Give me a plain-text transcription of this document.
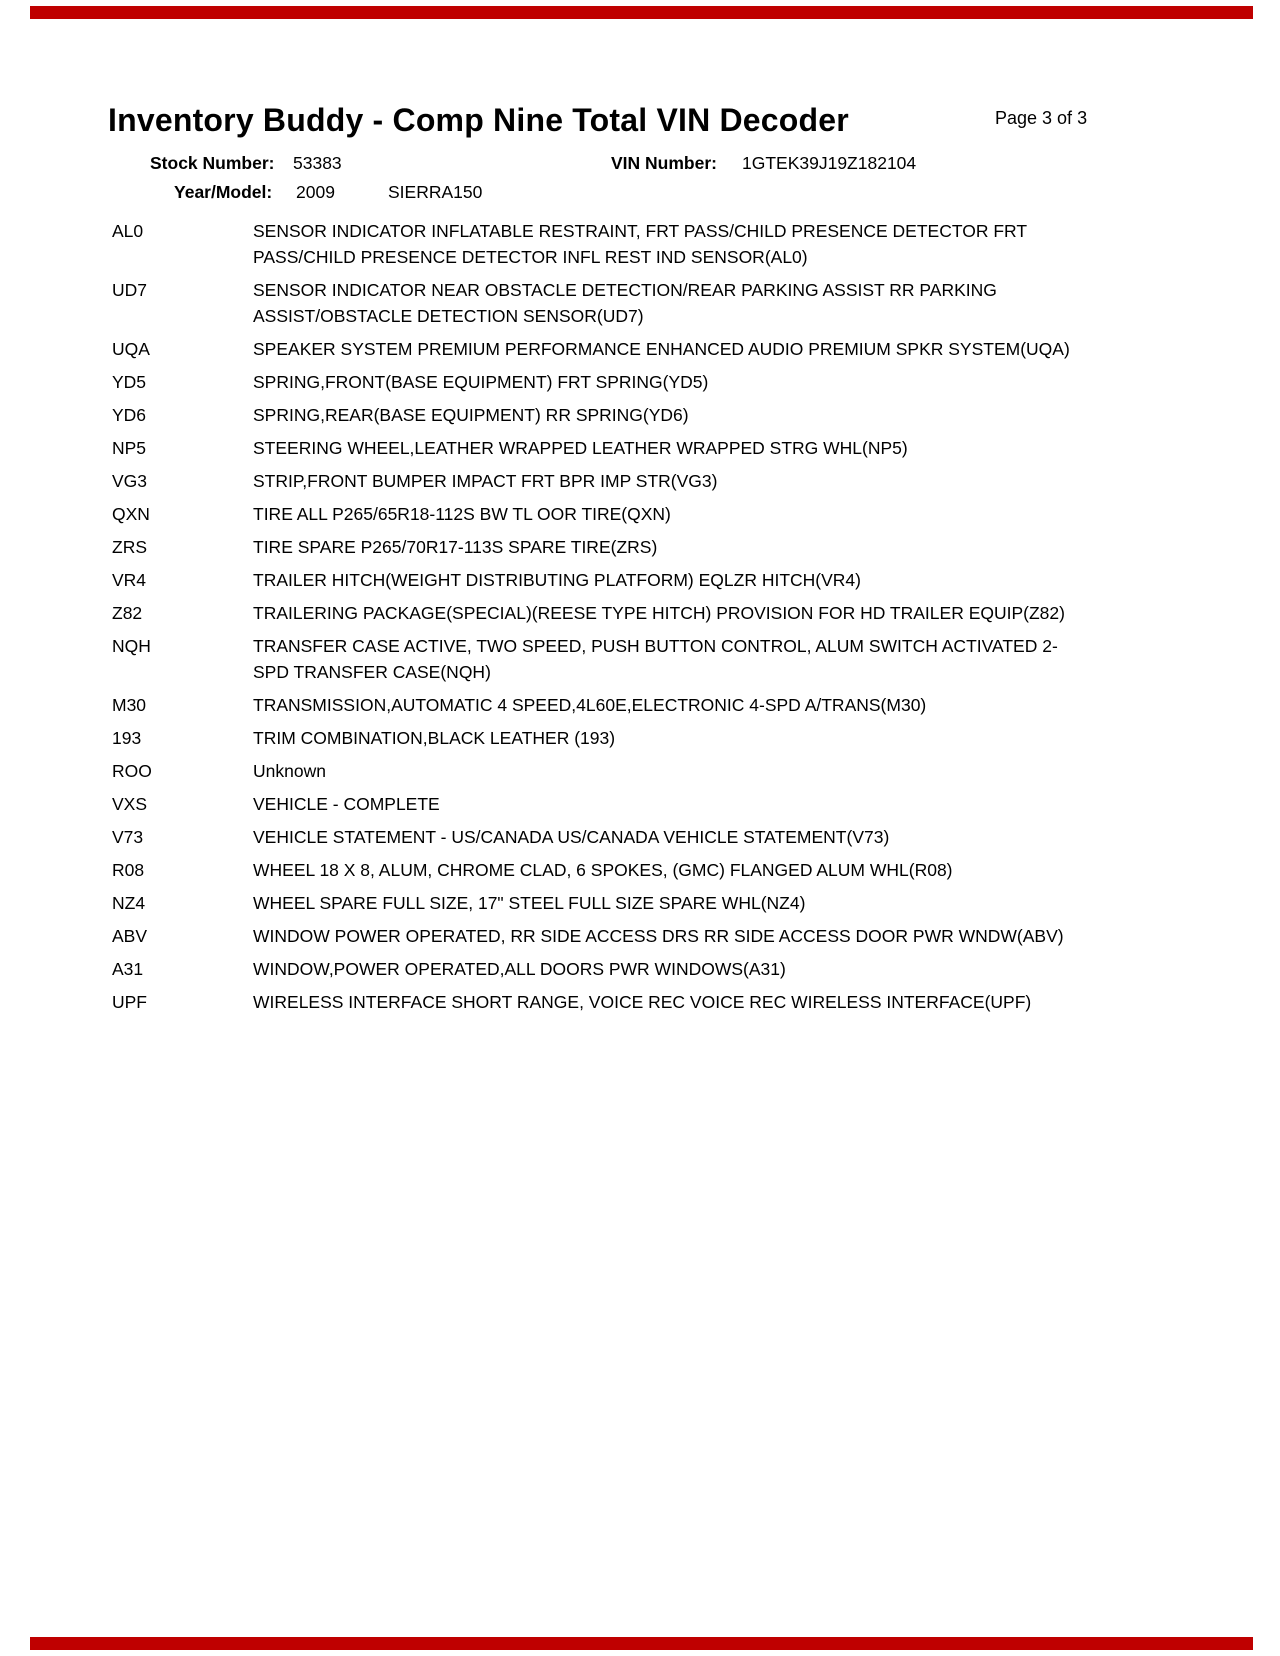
Inventory Buddy - Comp Nine Total VIN Decoder	Page 3 of 3
Stock Number: 53383	VIN Number: 1GTEK39J19Z182104
Year/Model: 2009	SIERRA150
AL0	SENSOR INDICATOR INFLATABLE RESTRAINT, FRT PASS/CHILD PRESENCE DETECTOR FRT PASS/CHILD PRESENCE DETECTOR INFL REST IND SENSOR(AL0)
UD7	SENSOR INDICATOR NEAR OBSTACLE DETECTION/REAR PARKING ASSIST RR PARKING ASSIST/OBSTACLE DETECTION SENSOR(UD7)
UQA	SPEAKER SYSTEM PREMIUM PERFORMANCE ENHANCED AUDIO PREMIUM SPKR SYSTEM(UQA)
YD5	SPRING,FRONT(BASE EQUIPMENT) FRT SPRING(YD5)
YD6	SPRING,REAR(BASE EQUIPMENT) RR SPRING(YD6)
NP5	STEERING WHEEL,LEATHER WRAPPED LEATHER WRAPPED STRG WHL(NP5)
VG3	STRIP,FRONT BUMPER IMPACT FRT BPR IMP STR(VG3)
QXN	TIRE ALL P265/65R18-112S BW TL OOR TIRE(QXN)
ZRS	TIRE SPARE P265/70R17-113S SPARE TIRE(ZRS)
VR4	TRAILER HITCH(WEIGHT DISTRIBUTING PLATFORM) EQLZR HITCH(VR4)
Z82	TRAILERING PACKAGE(SPECIAL)(REESE TYPE HITCH) PROVISION FOR HD TRAILER EQUIP(Z82)
NQH	TRANSFER CASE ACTIVE, TWO SPEED, PUSH BUTTON CONTROL, ALUM SWITCH ACTIVATED 2-SPD TRANSFER CASE(NQH)
M30	TRANSMISSION,AUTOMATIC 4 SPEED,4L60E,ELECTRONIC 4-SPD A/TRANS(M30)
193	TRIM COMBINATION,BLACK LEATHER (193)
ROO	Unknown
VXS	VEHICLE - COMPLETE
V73	VEHICLE STATEMENT - US/CANADA US/CANADA VEHICLE STATEMENT(V73)
R08	WHEEL 18 X 8, ALUM, CHROME CLAD, 6 SPOKES, (GMC) FLANGED ALUM WHL(R08)
NZ4	WHEEL SPARE FULL SIZE, 17" STEEL FULL SIZE SPARE WHL(NZ4)
ABV	WINDOW POWER OPERATED, RR SIDE ACCESS DRS RR SIDE ACCESS DOOR PWR WNDW(ABV)
A31	WINDOW,POWER OPERATED,ALL DOORS PWR WINDOWS(A31)
UPF	WIRELESS INTERFACE SHORT RANGE, VOICE REC VOICE REC WIRELESS INTERFACE(UPF)
